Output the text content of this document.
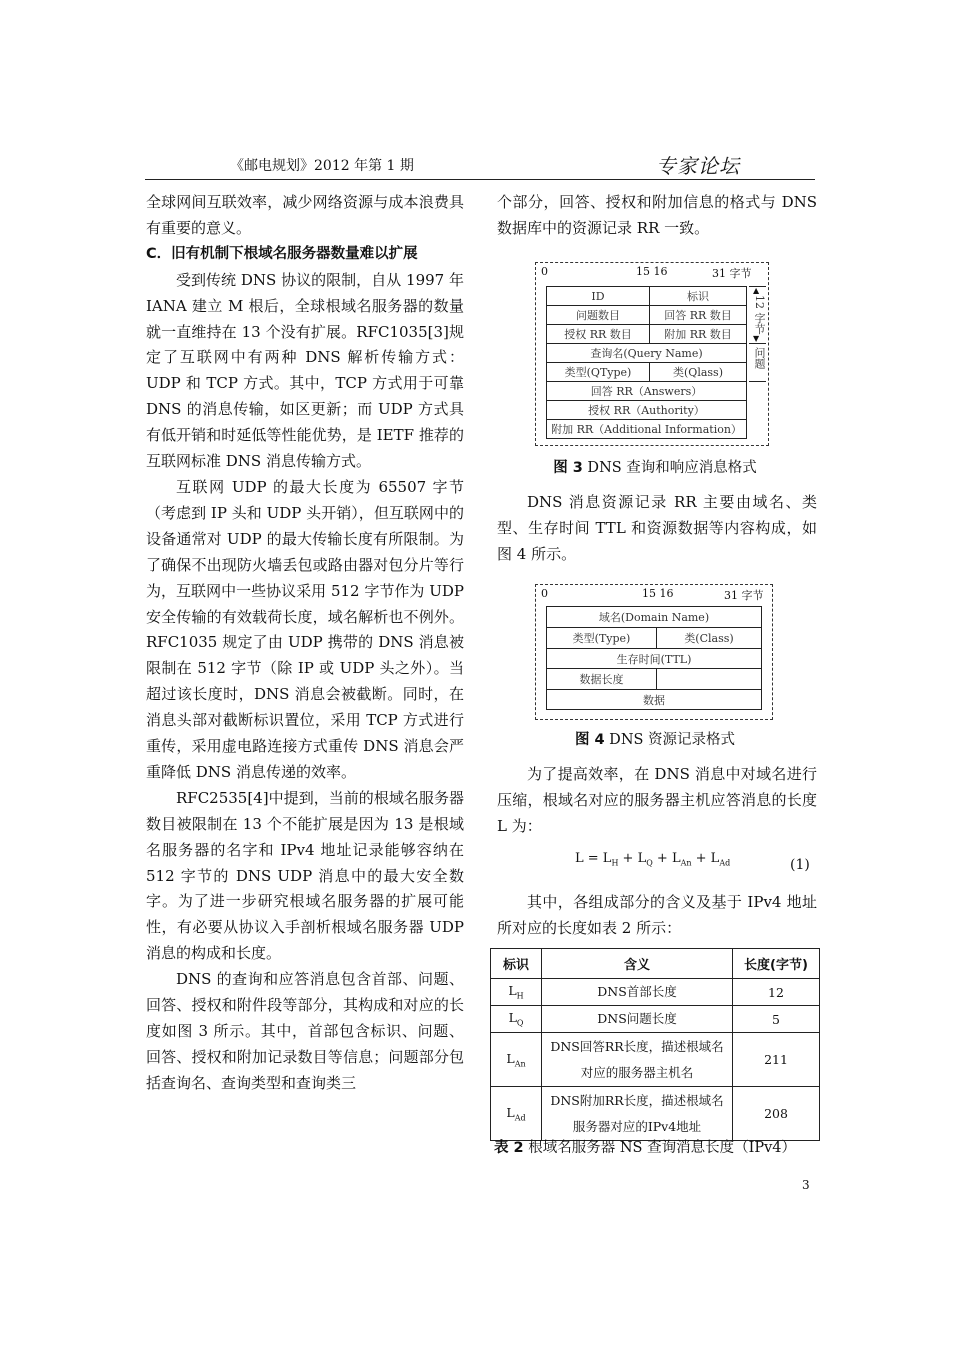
《邮电规划》2012 年第 1 期	专家论坛

全球网间互联效率，减少网络资源与成本浪费具有重要的意义。

C．旧有机制下根域名服务器数量难以扩展

受到传统 DNS 协议的限制，自从 1997 年 IANA 建立 M 根后，全球根域名服务器的数量就一直维持在 13 个没有扩展。RFC1035[3]规定了互联网中有两种 DNS 解析传输方式：UDP 和 TCP 方式。其中，TCP 方式用于可靠 DNS 的消息传输，如区更新；而 UDP 方式具有低开销和时延低等性能优势，是 IETF 推荐的互联网标准 DNS 消息传输方式。

互联网 UDP 的最大长度为 65507 字节（考虑到 IP 头和 UDP 头开销），但互联网中的设备通常对 UDP 的最大传输长度有所限制。为了确保不出现防火墙丢包或路由器对包分片等行为，互联网中一些协议采用 512 字节作为 UDP 安全传输的有效载荷长度，域名解析也不例外。RFC1035 规定了由 UDP 携带的 DNS 消息被限制在 512 字节（除 IP 或 UDP 头之外）。当超过该长度时，DNS 消息会被截断。同时，在消息头部对截断标识置位，采用 TCP 方式进行重传，采用虚电路连接方式重传 DNS 消息会严重降低 DNS 消息传递的效率。

RFC2535[4]中提到，当前的根域名服务器数目被限制在 13 个不能扩展是因为 13 是根域名服务器的名字和 IPv4 地址记录能够容纳在 512 字节的 DNS UDP 消息中的最大安全数字。为了进一步研究根域名服务器的扩展可能性，有必要从协议入手剖析根域名服务器 UDP 消息的构成和长度。

DNS 的查询和应答消息包含首部、问题、回答、授权和附件段等部分，其构成和对应的长度如图 3 所示。其中，首部包含标识、问题、回答、授权和附加记录数目等信息；问题部分包括查询名、查询类型和查询类三

个部分，回答、授权和附加信息的格式与 DNS 数据库中的资源记录 RR 一致。

0	15 16	31 字节
ID	标识
问题数目	回答 RR 数目
授权 RR 数目	附加 RR 数目
查询名(Query Name)
类型(QType)	类(Qlass)
回答 RR（Answers）
授权 RR（Authority）
附加 RR（Additional Information）
▲
12 字节
▼
问题
图 3 DNS 查询和响应消息格式

DNS 消息资源记录 RR 主要由域名、类型、生存时间 TTL 和资源数据等内容构成，如图 4 所示。

0	15 16	31 字节
域名(Domain Name)
类型(Type)	类(Class)
生存时间(TTL)
数据长度
数据
图 4 DNS 资源记录格式

为了提高效率，在 DNS 消息中对域名进行压缩，根域名对应的服务器主机应答消息的长度 L 为：

$L = L_H + L_Q + L_{An} + L_{Ad}$	(1)

其中，各组成部分的含义及基于 IPv4 地址所对应的长度如表 2 所示：

标识	含义	长度(字节)
$L_H$	DNS首部长度	12
$L_Q$	DNS问题长度	5
$L_{An}$	DNS回答RR长度，描述根域名对应的服务器主机名	211
$L_{Ad}$	DNS附加RR长度，描述根域名服务器对应的IPv4地址	208
表 2 根域名服务器 NS 查询消息长度（IPv4）
3
